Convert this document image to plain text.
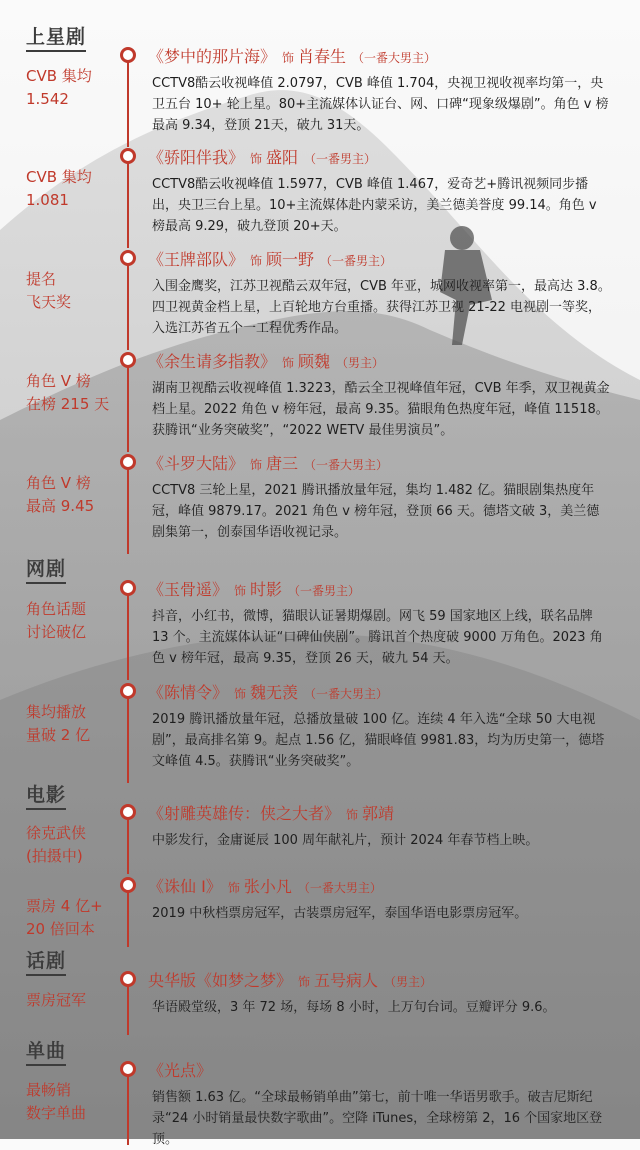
上星剧
CVB 集均
1.542
《梦中的那片海》 饰 肖春生 （一番大男主）
CCTV8酷云收视峰值 2.0797，CVB 峰值 1.704，央视卫视收视率均第一，央卫五台 10+ 轮上星。80+主流媒体认证台、网、口碑“现象级爆剧”。角色 v 榜最高 9.34，登顶 21天，破九 31天。
CVB 集均
1.081
《骄阳伴我》 饰 盛阳 （一番男主）
CCTV8酷云收视峰值 1.5977，CVB 峰值 1.467，爱奇艺+腾讯视频同步播出，央卫三台上星。10+主流媒体赴内蒙采访，美兰德美誉度 99.14。角色 v 榜最高 9.29，破九登顶 20+天。
提名
飞天奖
《王牌部队》 饰 顾一野 （一番男主）
入围金鹰奖，江苏卫视酷云双年冠，CVB 年亚，城网收视率第一，最高达 3.8。四卫视黄金档上星，上百轮地方台重播。获得江苏卫视 21-22 电视剧一等奖，入选江苏省五个一工程优秀作品。
角色 V 榜
在榜 215 天
《余生请多指教》 饰 顾魏 （男主）
湖南卫视酷云收视峰值 1.3223，酷云全卫视峰值年冠，CVB 年季，双卫视黄金档上星。2022 角色 v 榜年冠，最高 9.35。猫眼角色热度年冠，峰值 11518。获腾讯“业务突破奖”，“2022 WETV 最佳男演员”。
角色 V 榜
最高 9.45
《斗罗大陆》 饰 唐三 （一番大男主）
CCTV8 三轮上星，2021 腾讯播放量年冠，集均 1.482 亿。猫眼剧集热度年冠，峰值 9879.17。2021 角色 v 榜年冠，登顶 66 天。德塔文破 3，美兰德剧集第一，创泰国华语收视记录。
网剧
角色话题
讨论破亿
《玉骨遥》 饰 时影 （一番男主）
抖音，小红书，微博，猫眼认证暑期爆剧。网飞 59 国家地区上线，联名品牌 13 个。主流媒体认证“口碑仙侠剧”。腾讯首个热度破 9000 万角色。2023 角色 v 榜年冠，最高 9.35，登顶 26 天，破九 54 天。
集均播放
量破 2 亿
《陈情令》 饰 魏无羡 （一番大男主）
2019 腾讯播放量年冠，总播放量破 100 亿。连续 4 年入选“全球 50 大电视剧”，最高排名第 9。起点 1.56 亿，猫眼峰值 9981.83，均为历史第一，德塔文峰值 4.5。获腾讯“业务突破奖”。
电影
徐克武侠
(拍摄中)
《射雕英雄传：侠之大者》 饰 郭靖
中影发行，金庸诞辰 100 周年献礼片，预计 2024 年春节档上映。
票房 4 亿+
20 倍回本
《诛仙 Ⅰ》 饰 张小凡 （一番大男主）
2019 中秋档票房冠军，古装票房冠军，泰国华语电影票房冠军。
话剧
票房冠军
央华版《如梦之梦》 饰 五号病人 （男主）
华语殿堂级，3 年 72 场，每场 8 小时，上万句台词。豆瓣评分 9.6。
单曲
最畅销
数字单曲
《光点》
销售额 1.63 亿。“全球最畅销单曲”第七，前十唯一华语男歌手。破吉尼斯纪录“24 小时销量最快数字歌曲”。空降 iTunes，全球榜第 2，16 个国家地区登顶。
